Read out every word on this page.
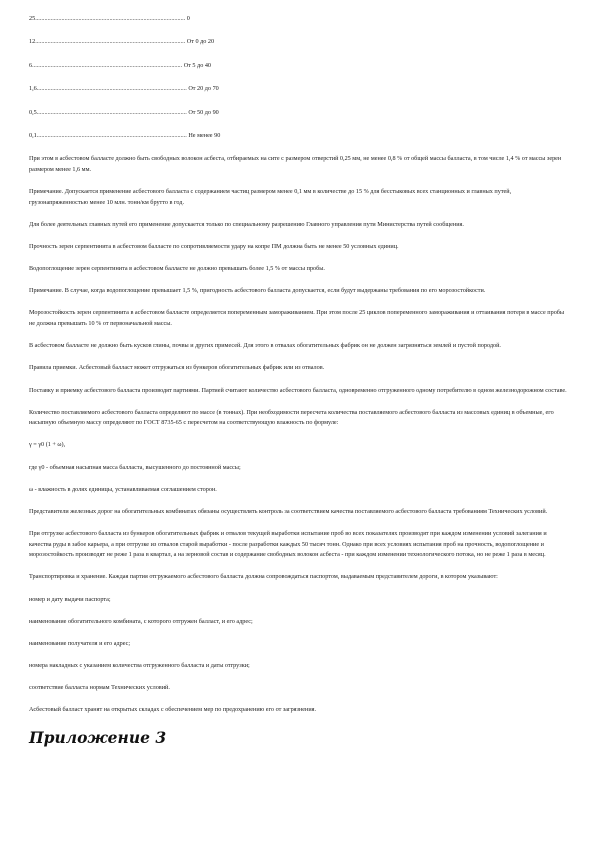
25................................................................................................. 0
12................................................................................................. От 0 до 20
6................................................................................................. От 5 до 40
1,6................................................................................................. От 20 до 70
0,5................................................................................................. От 50 до 90
0,1................................................................................................. Не менее 90

При этом в асбестовом балласте должно быть свободных волокон асбеста, отбираемых на сите с размером отверстий 0,25 мм, не менее 0,8 % от общей массы балласта, в том числе 1,4 % от массы зерен размером менее 1,6 мм.

Примечание. Допускается применение асбестового балласта с содержанием частиц размером менее 0,1 мм в количестве до 15 % для бесстыковых всех станционных и главных путей, грузонапряженностью менее 10 млн. тонн/км брутто в год.

Для более деятельных главных путей его применение допускается только по специальному разрешению Главного управления пути Министерства путей сообщения.

Прочность зерен серпентинита в асбестовом балласте по сопротивляемости удару на копре ПМ должна быть не менее 50 условных единиц.

Водопоглощение зерен серпентинита в асбестовом балласте не должно превышать более 1,5 % от массы пробы.

Примечание. В случае, когда водопоглощение превышает 1,5 %, пригодность асбестового балласта допускается, если будут выдержаны требования по его морозостойкости.

Морозостойкость зерен серпентинита в асбестовом балласте определяется попеременным замораживанием. При этом после 25 циклов попеременного замораживания и оттаивания потеря в массе пробы не должна превышать 10 % от первоначальной массы.

В асбестовом балласте не должно быть кусков глины, почвы и других примесей. Для этого в отвалах обогатительных фабрик он не должен загрязняться землей и пустой породой.

Правила приемки. Асбестовый балласт может отгружаться из бункеров обогатительных фабрик или из отвалов.

Поставку и приемку асбестового балласта производят партиями. Партией считают количество асбестового балласта, одновременно отгруженного одному потребителю в одном железнодорожном составе.

Количество поставляемого асбестового балласта определяют по массе (в тоннах). При необходимости пересчета количества поставляемого асбестового балласта из массовых единиц в объемные, его насыпную объемную массу определяют по ГОСТ 8735-65 с пересчетом на соответствующую влажность по формуле:

γ = γ0 (1 + ω),

где γ0 - объемная насыпная масса балласта, высушенного до постоянной массы;

ω - влажность в долях единицы, устанавливаемая соглашением сторон.

Представители железных дорог на обогатительных комбинатах обязаны осуществлять контроль за соответствием качества поставляемого асбестового балласта требованиям Технических условий.

При отгрузке асбестового балласта из бункеров обогатительных фабрик и отвалов текущей выработки испытание проб во всех показателях производят при каждом изменении условий залегания и качества руды в забое карьера, а при отгрузке из отвалов старой выработки - после разработки каждых 50 тысяч тонн. Однако при всех условиях испытания проб на прочность, водопоглощение и морозостойкость производят не реже 1 раза в квартал, а на зерновой состав и содержание свободных волокон асбеста - при каждом изменении технологического потока, но не реже 1 раза в месяц.

Транспортировка и хранение. Каждая партия отгружаемого асбестового балласта должна сопровождаться паспортом, выдаваемым представителем дороги, в котором указывают:

номер и дату выдачи паспорта;

наименование обогатительного комбината, с которого отгружен балласт, и его адрес;

наименование получателя и его адрес;

номера накладных с указанием количества отгруженного балласта и даты отгрузки;

соответствие балласта нормам Технических условий.

Асбестовый балласт хранят на открытых складах с обеспечением мер по предохранению его от загрязнения.

Приложение 3
